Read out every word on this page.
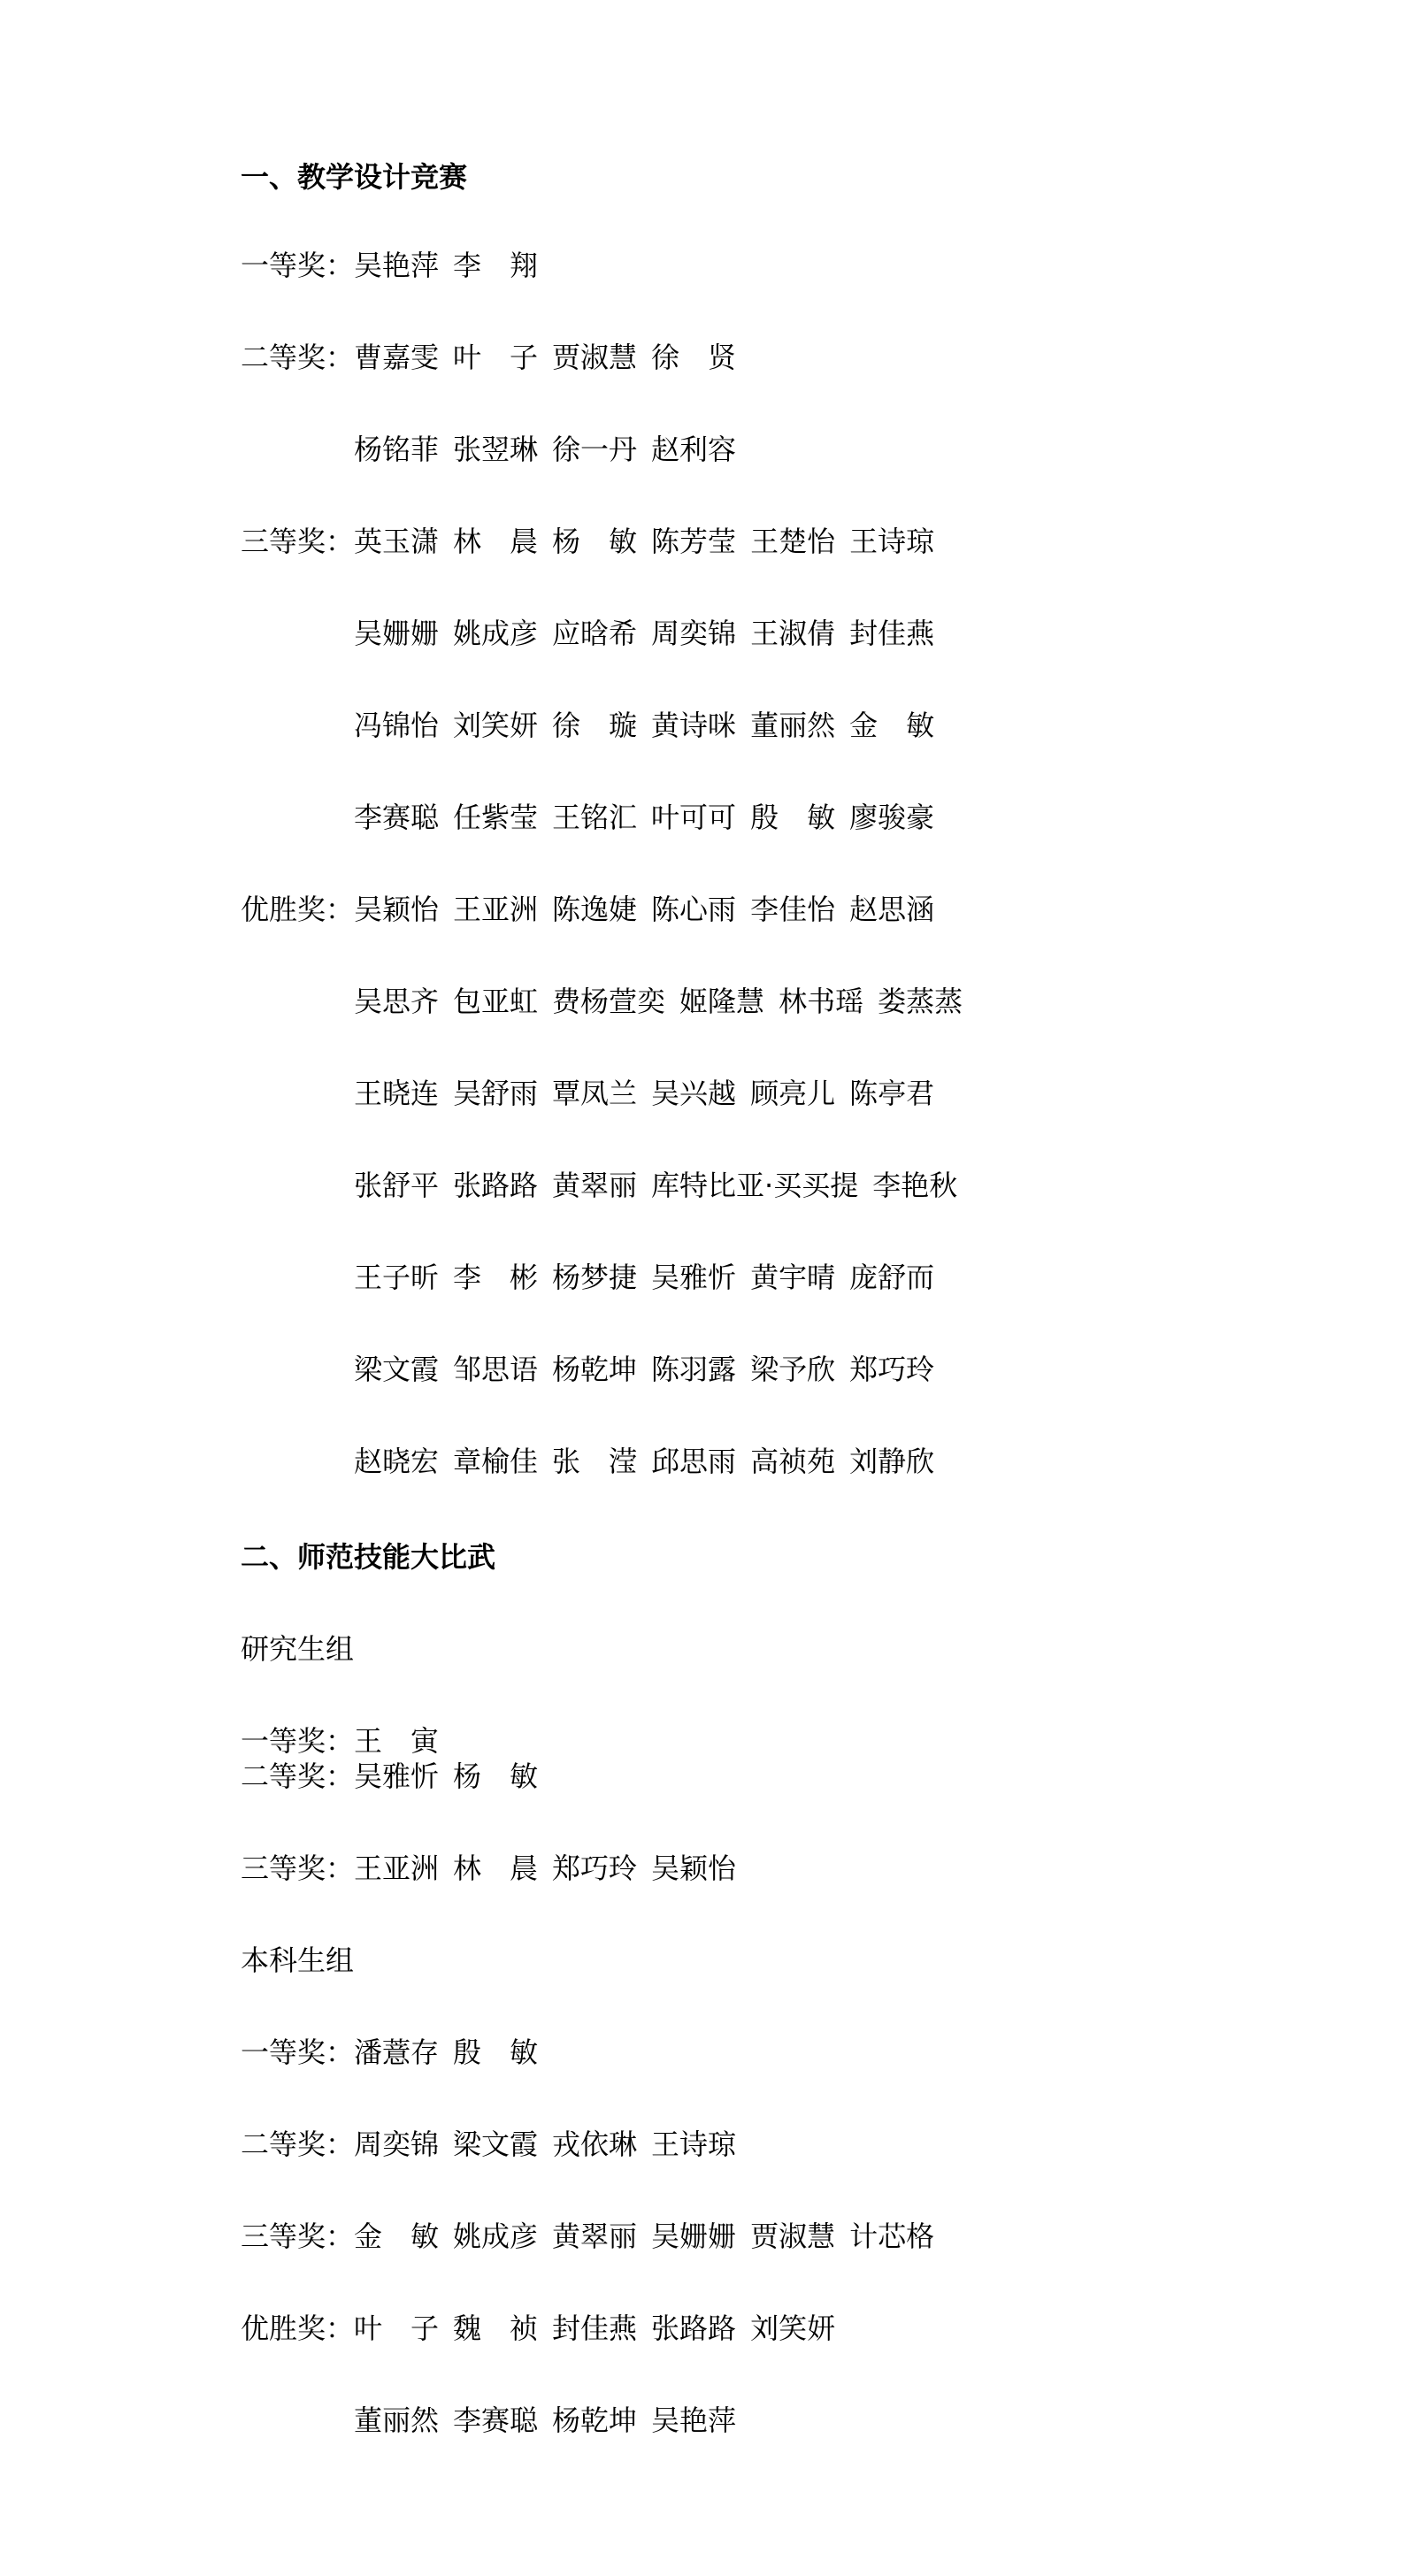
一、教学设计竞赛
一等奖： 吴艳萍 李　翔
二等奖： 曹嘉雯 叶　子 贾淑慧 徐　贤
杨铭菲 张翌琳 徐一丹 赵利容
三等奖： 英玉潇 林　晨 杨　敏 陈芳莹 王楚怡 王诗琼
吴姗姗 姚成彦 应晗希 周奕锦 王淑倩 封佳燕
冯锦怡 刘笑妍 徐　璇 黄诗咪 董丽然 金　敏
李赛聪 任紫莹 王铭汇 叶可可 殷　敏 廖骏豪
优胜奖： 吴颖怡 王亚洲 陈逸婕 陈心雨 李佳怡 赵思涵
吴思齐 包亚虹 费杨萱奕 姬隆慧 林书瑶 娄蒸蒸
王晓连 吴舒雨 覃凤兰 吴兴越 顾亮儿 陈亭君
张舒平 张路路 黄翠丽 库特比亚·买买提 李艳秋
王子昕 李　彬 杨梦捷 吴雅忻 黄宇晴 庞舒而
梁文霞 邹思语 杨乾坤 陈羽露 梁予欣 郑巧玲
赵晓宏 章榆佳 张　滢 邱思雨 高祯苑 刘静欣
二、师范技能大比武
研究生组
一等奖： 王　寅
二等奖： 吴雅忻 杨　敏
三等奖： 王亚洲 林　晨 郑巧玲 吴颖怡
本科生组
一等奖： 潘薏存 殷　敏
二等奖： 周奕锦 梁文霞 戎依琳 王诗琼
三等奖： 金　敏 姚成彦 黄翠丽 吴姗姗 贾淑慧 计芯格
优胜奖： 叶　子 魏　祯 封佳燕 张路路 刘笑妍
董丽然 李赛聪 杨乾坤 吴艳萍
